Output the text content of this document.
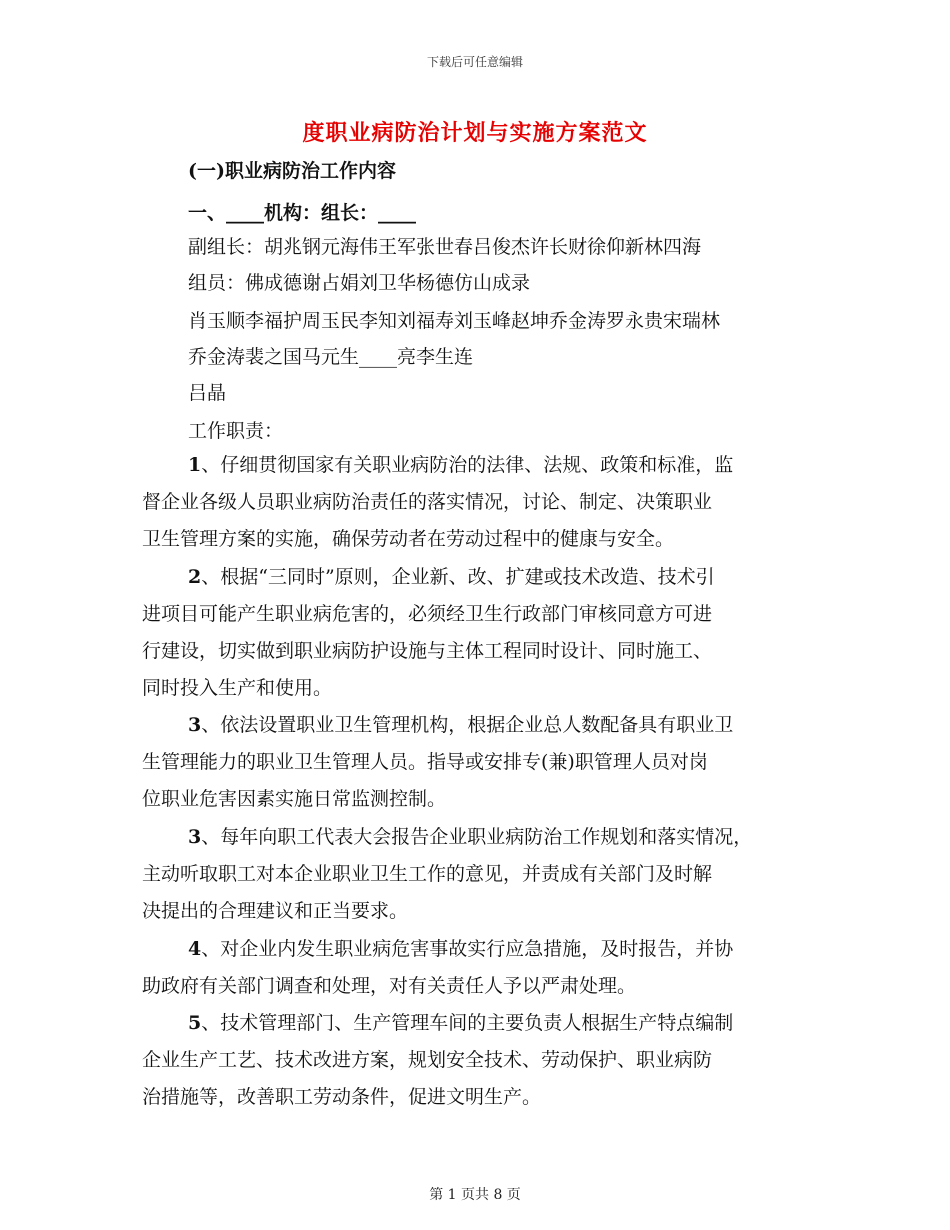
下载后可任意编辑
度职业病防治计划与实施方案范文
(一)职业病防治工作内容
一、____机构：组长：____
副组长：胡兆钢元海伟王军张世春吕俊杰许长财徐仰新林四海
组员：佛成德谢占娟刘卫华杨德仿山成录
肖玉顺李福护周玉民李知刘福寿刘玉峰赵坤乔金涛罗永贵宋瑞林
乔金涛裴之国马元生____亮李生连
吕晶
工作职责：
1、仔细贯彻国家有关职业病防治的法律、法规、政策和标准，监
督企业各级人员职业病防治责任的落实情况，讨论、制定、决策职业
卫生管理方案的实施，确保劳动者在劳动过程中的健康与安全。
2、根据“三同时”原则，企业新、改、扩建或技术改造、技术引
进项目可能产生职业病危害的，必须经卫生行政部门审核同意方可进
行建设，切实做到职业病防护设施与主体工程同时设计、同时施工、
同时投入生产和使用。
3、依法设置职业卫生管理机构，根据企业总人数配备具有职业卫
生管理能力的职业卫生管理人员。指导或安排专(兼)职管理人员对岗
位职业危害因素实施日常监测控制。
3、每年向职工代表大会报告企业职业病防治工作规划和落实情况，
主动听取职工对本企业职业卫生工作的意见，并责成有关部门及时解
决提出的合理建议和正当要求。
4、对企业内发生职业病危害事故实行应急措施，及时报告，并协
助政府有关部门调查和处理，对有关责任人予以严肃处理。
5、技术管理部门、生产管理车间的主要负责人根据生产特点编制
企业生产工艺、技术改进方案，规划安全技术、劳动保护、职业病防
治措施等，改善职工劳动条件，促进文明生产。
第 1 页共 8 页
